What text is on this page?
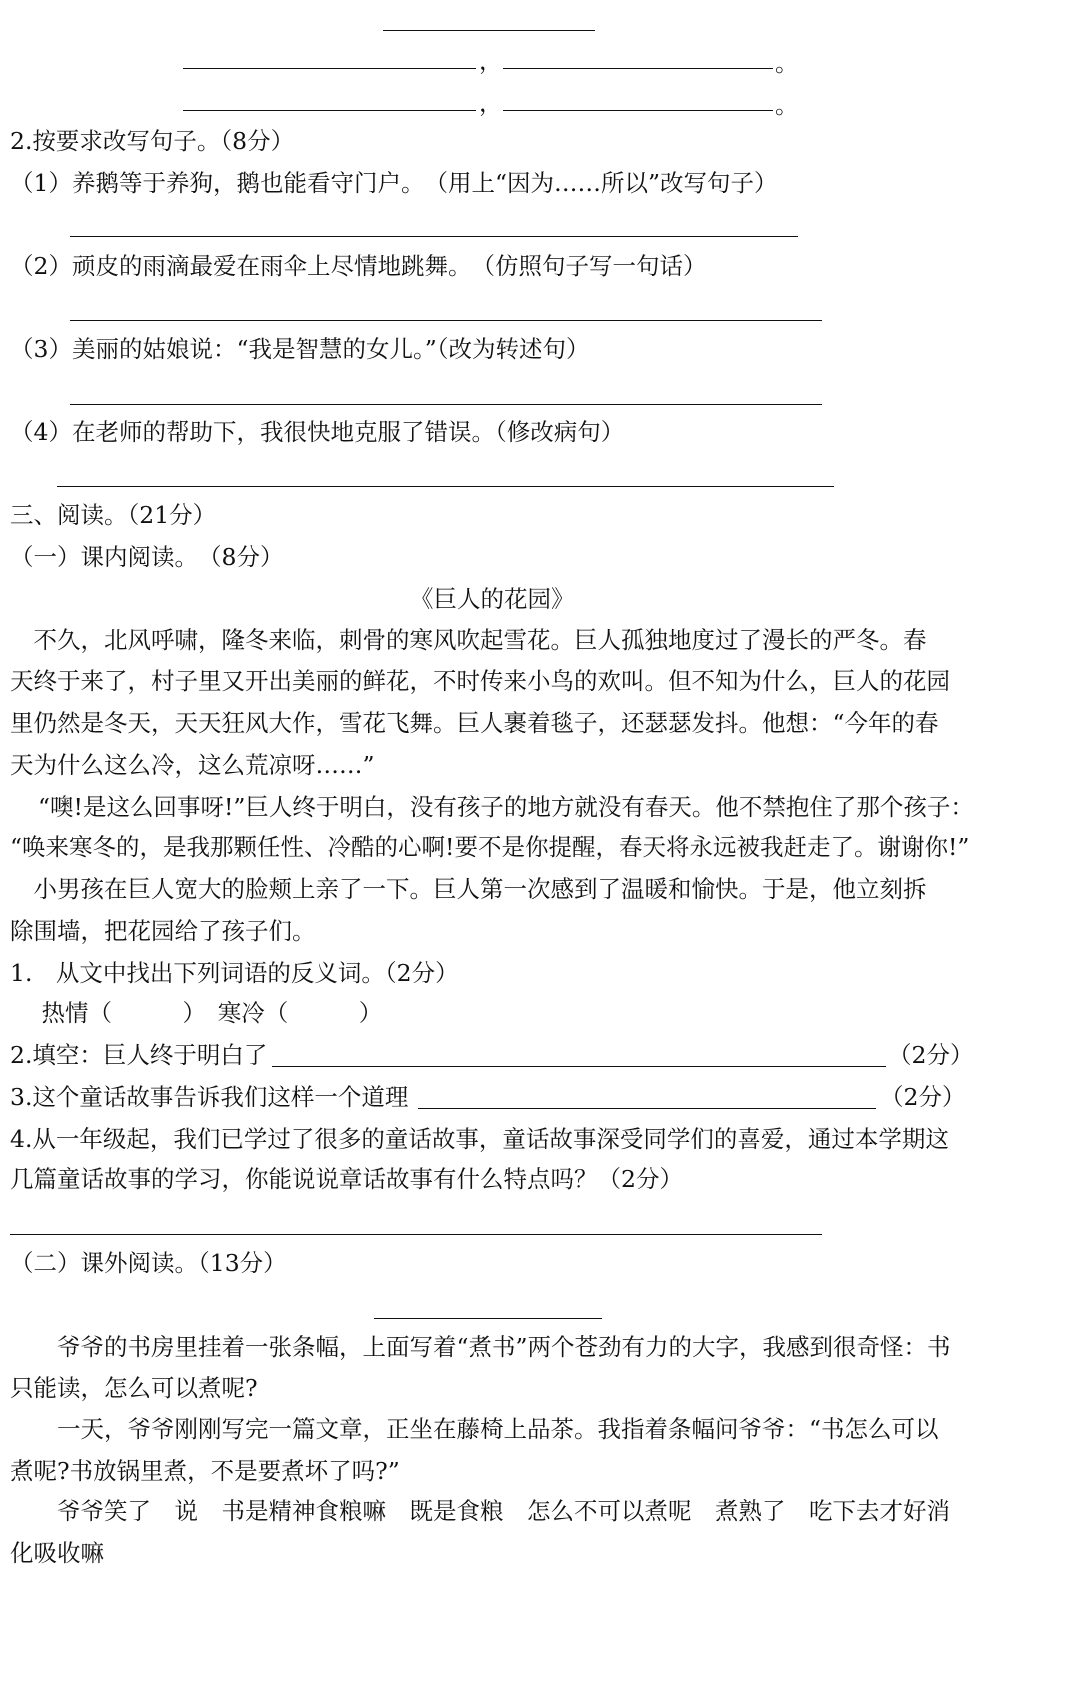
，	。
，	。
2.按要求改写句子。（8分）
（1）养鹅等于养狗，鹅也能看守门户。　（用上“因为……所以”改写句子）
（2）顽皮的雨滴最爱在雨伞上尽情地跳舞。　（仿照句子写一句话）
（3）美丽的姑娘说：“我是智慧的女儿。”（改为转述句）
（4）在老师的帮助下，我很快地克服了错误。（修改病句）
三、阅读。（21分）
（一）课内阅读。　（8分）
《巨人的花园》
　不久，北风呼啸，隆冬来临，刺骨的寒风吹起雪花。巨人孤独地度过了漫长的严冬。春
天终于来了，村子里又开出美丽的鲜花，不时传来小鸟的欢叫。但不知为什么，巨人的花园
里仍然是冬天，天天狂风大作，雪花飞舞。巨人裹着毯子，还瑟瑟发抖。他想：“今年的春
天为什么这么冷，这么荒凉呀……”
“噢!是这么回事呀!”巨人终于明白，没有孩子的地方就没有春天。他不禁抱住了那个孩子：
“唤来寒冬的，是我那颗任性、冷酷的心啊!要不是你提醒，春天将永远被我赶走了。谢谢你!”
　小男孩在巨人宽大的脸颊上亲了一下。巨人第一次感到了温暖和愉快。于是，他立刻拆
除围墙，把花园给了孩子们。
1.　从文中找出下列词语的反义词。（2分）
　热情（　　　）　寒冷（　　　）
2.填空：巨人终于明白了	（2分）
3.这个童话故事告诉我们这样一个道理	（2分）
4.从一年级起，我们已学过了很多的童话故事，童话故事深受同学们的喜爱，通过本学期这
几篇童话故事的学习，你能说说章话故事有什么特点吗？（2分）
（二）课外阅读。（13分）
　　爷爷的书房里挂着一张条幅，上面写着“煮书”两个苍劲有力的大字，我感到很奇怪：书
只能读，怎么可以煮呢?
　　一天，爷爷刚刚写完一篇文章，正坐在藤椅上品茶。我指着条幅问爷爷：“书怎么可以
煮呢?书放锅里煮，不是要煮坏了吗?”
　　爷爷笑了　说　书是精神食粮嘛　既是食粮　怎么不可以煮呢　煮熟了　吃下去才好消
化吸收嘛
